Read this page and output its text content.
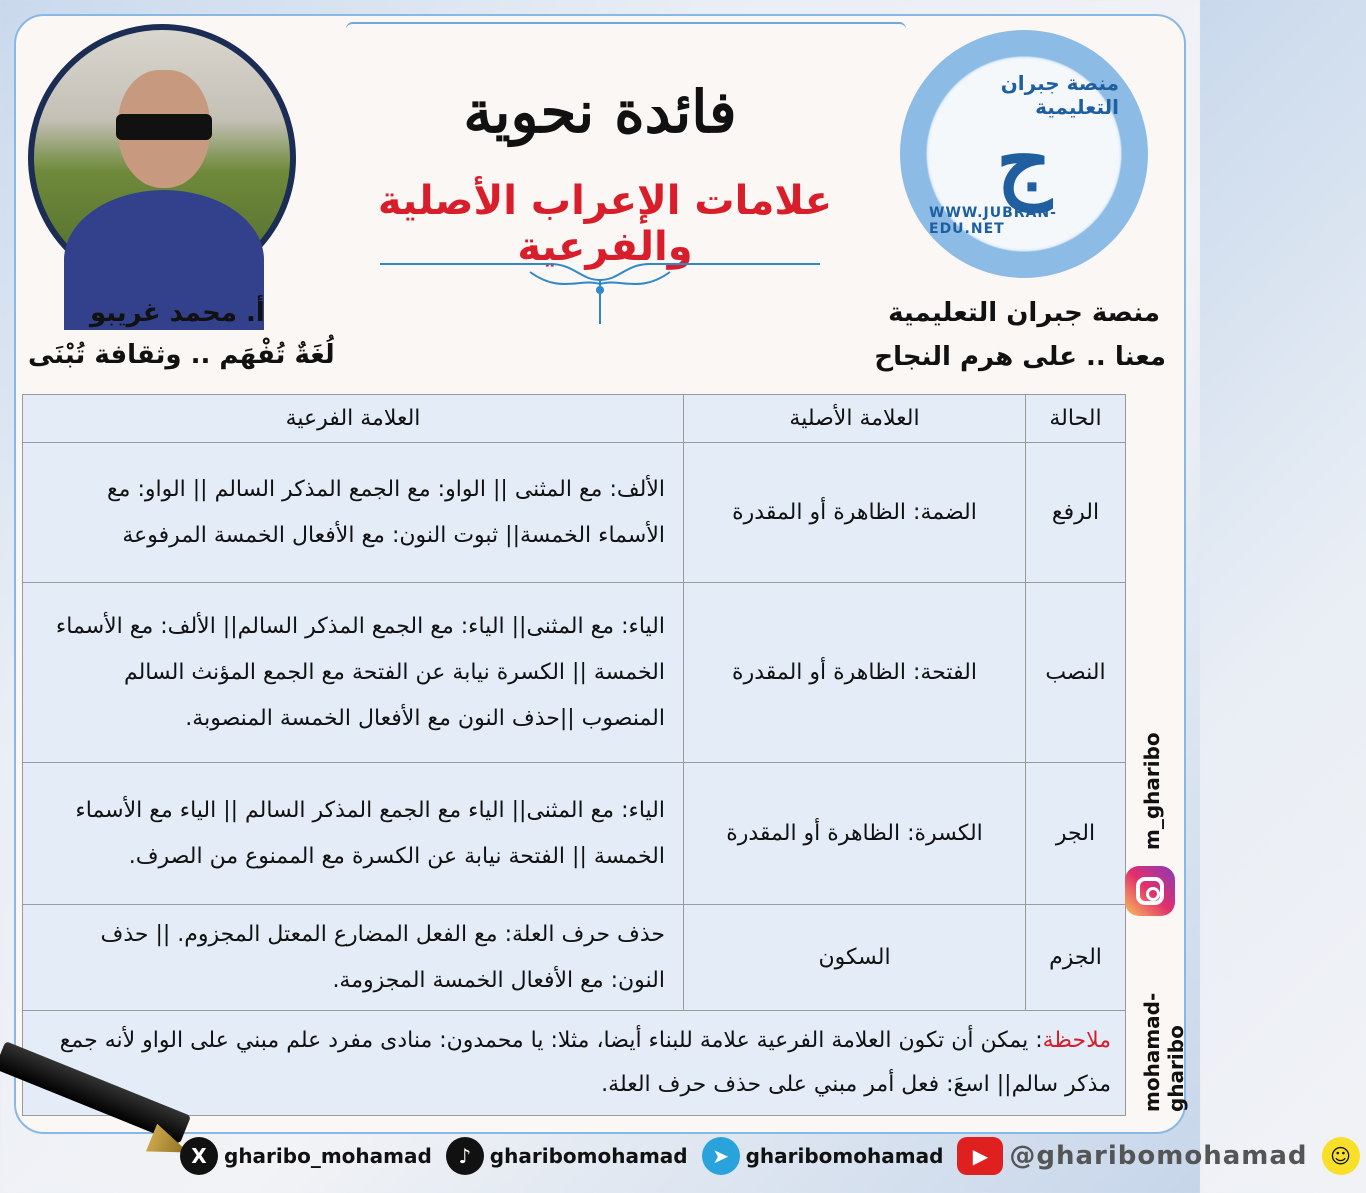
منصة جبران التعليمية
ج
WWW.JUBRAN-EDU.NET
فائدة نحوية
علامات الإعراب الأصلية والفرعية
منصة جبران التعليمية
معنا .. على هرم النجاح
أ. محمد غريبو
لُغَةٌ تُفْهَم .. وثقافة تُبْنَى
الحالة	العلامة الأصلية	العلامة الفرعية
الرفع	الضمة: الظاهرة أو المقدرة	الألف: مع المثنى || الواو: مع الجمع المذكر السالم || الواو: مع الأسماء الخمسة|| ثبوت النون: مع الأفعال الخمسة المرفوعة
النصب	الفتحة: الظاهرة أو المقدرة	الياء: مع المثنى|| الياء: مع الجمع المذكر السالم|| الألف: مع الأسماء الخمسة || الكسرة نيابة عن الفتحة مع الجمع المؤنث السالم المنصوب ||حذف النون مع الأفعال الخمسة المنصوبة.
الجر	الكسرة: الظاهرة أو المقدرة	الياء: مع المثنى|| الياء مع الجمع المذكر السالم || الياء مع الأسماء الخمسة || الفتحة نيابة عن الكسرة مع الممنوع من الصرف.
الجزم	السكون	حذف حرف العلة: مع الفعل المضارع المعتل المجزوم. || حذف النون: مع الأفعال الخمسة المجزومة.
ملاحظة: يمكن أن تكون العلامة الفرعية علامة للبناء أيضا، مثلا: يا محمدون: منادى مفرد علم مبني على الواو لأنه جمع مذكر سالم|| اسعَ: فعل أمر مبني على حذف حرف العلة.		
m_gharibo
mohamad-gharibo
X gharibo_mohamad	♪ gharibomohamad	➤ gharibomohamad	▶ @gharibomohamad	☺
